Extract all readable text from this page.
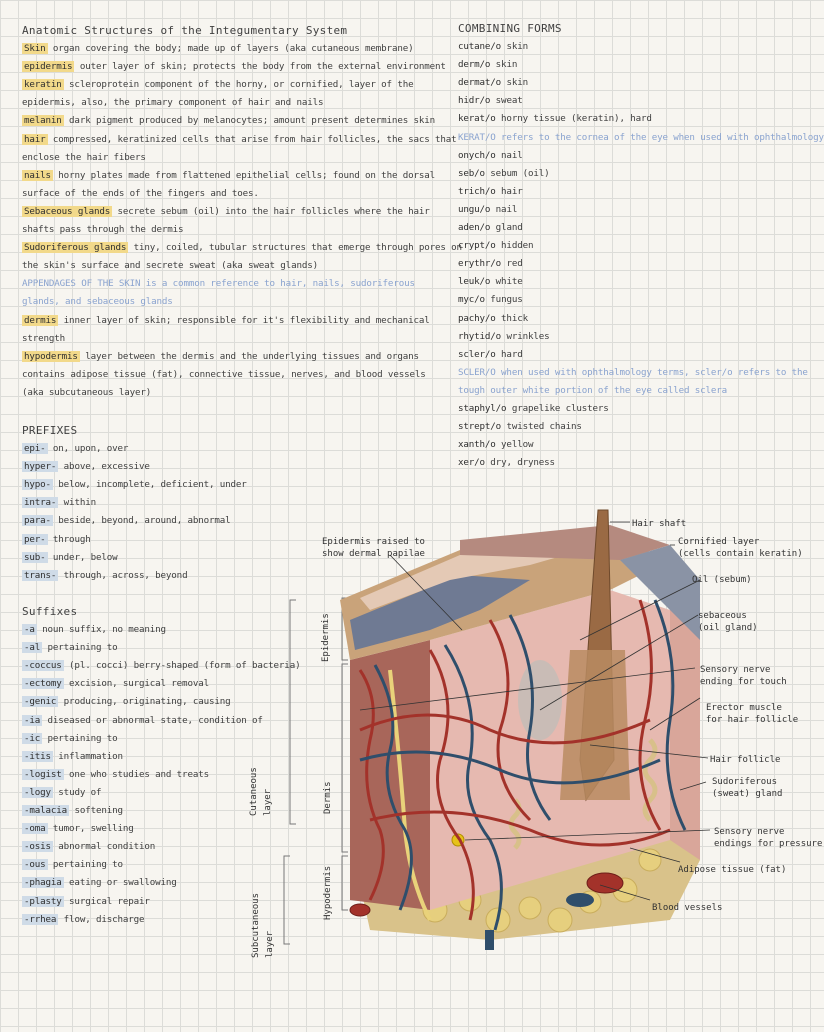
Anatomic Structures of the Integumentary System
Skin organ covering the body; made up of layers (aka cutaneous membrane)
epidermis outer layer of skin; protects the body from the external environment
keratin scleroprotein component of the horny, or cornified, layer of the
epidermis, also, the primary component of hair and nails
melanin dark pigment produced by melanocytes; amount present determines skin
hair compressed, keratinized cells that arise from hair follicles, the sacs that
enclose the hair fibers
nails horny plates made from flattened epithelial cells; found on the dorsal
surface of the ends of the fingers and toes.
Sebaceous glands secrete sebum (oil) into the hair follicles where the hair
shafts pass through the dermis
Sudoriferous glands tiny, coiled, tubular structures that emerge through pores on
the skin's surface and secrete sweat (aka sweat glands)
APPENDAGES OF THE SKIN is a common reference to hair, nails, sudoriferous
glands, and sebaceous glands
dermis inner layer of skin; responsible for it's flexibility and mechanical
strength
hypodermis layer between the dermis and the underlying tissues and organs
contains adipose tissue (fat), connective tissue, nerves, and blood vessels
(aka subcutaneous layer)
COMBINING FORMS
cutane/o skin
derm/o skin
dermat/o skin
hidr/o sweat
kerat/o horny tissue (keratin), hard
KERAT/O refers to the cornea of the eye when used with ophthalmology
onych/o nail
seb/o sebum (oil)
trich/o hair
ungu/o nail
aden/o gland
crypt/o hidden
erythr/o red
leuk/o white
myc/o fungus
pachy/o thick
rhytid/o wrinkles
scler/o hard
SCLER/O when used with ophthalmology terms, scler/o refers to the
tough outer white portion of the eye called sclera
staphyl/o grapelike clusters
strept/o twisted chains
xanth/o yellow
xer/o dry, dryness
PREFIXES
epi- on, upon, over
hyper- above, excessive
hypo- below, incomplete, deficient, under
intra- within
para- beside, beyond, around, abnormal
per- through
sub- under, below
trans- through, across, beyond
Suffixes
-a noun suffix, no meaning
-al pertaining to
-coccus (pl. cocci) berry-shaped (form of bacteria)
-ectomy excision, surgical removal
-genic producing, originating, causing
-ia diseased or abnormal state, condition of
-ic pertaining to
-itis inflammation
-logist one who studies and treats
-logy study of
-malacia softening
-oma tumor, swelling
-osis abnormal condition
-ous pertaining to
-phagia eating or swallowing
-plasty surgical repair
-rrhea flow, discharge
Epidermis raised to
show dermal papilae
Hair shaft
Cornified layer
(cells contain keratin)
Oil (sebum)
sebaceous
(oil gland)
Sensory nerve
ending for touch
Erector muscle
for hair follicle
Hair follicle
Sudoriferous
(sweat) gland
Sensory nerve
endings for pressure
Adipose tissue (fat)
Blood vessels
Epidermis
Dermis
Hypodermis
Cutaneous layer
Subcutaneous layer
